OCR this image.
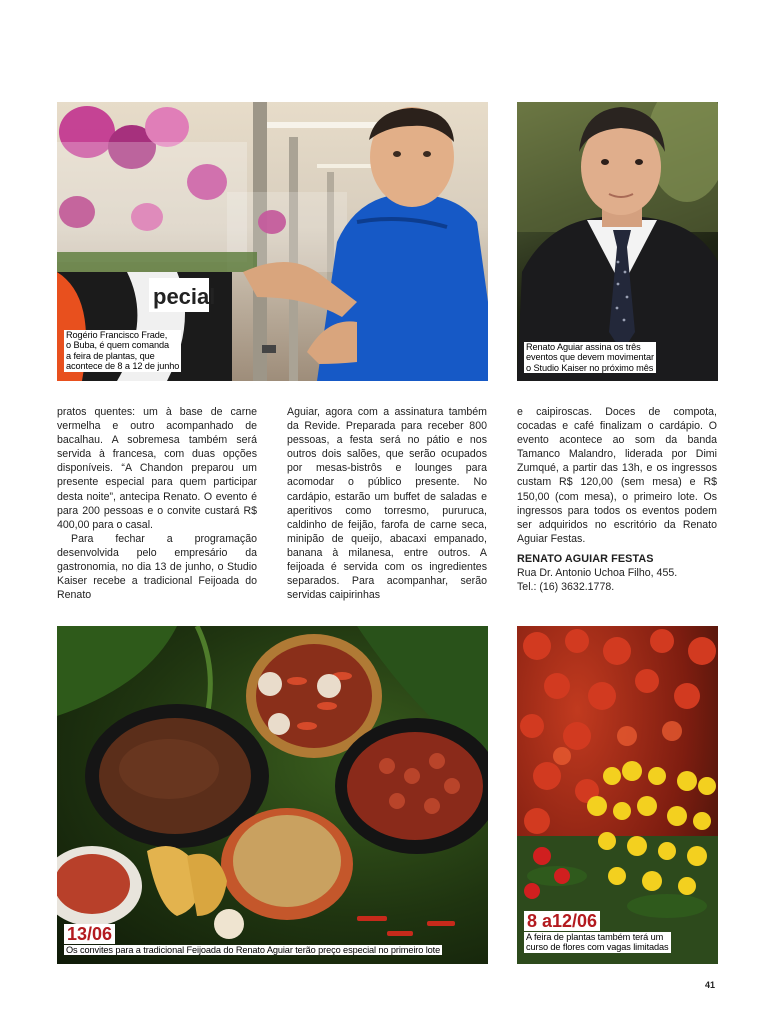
pecial
Rogério Francisco Frade,
o Buba, é quem comanda
a feira de plantas, que
acontece de 8 a 12 de junho
Renato Aguiar assina os três
eventos que devem movimentar
o Studio Kaiser no próximo mês

pratos quentes: um à base de carne vermelha e outro acompanhado de bacalhau. A sobremesa também será servida à francesa, com duas opções disponíveis. “A Chandon preparou um presente especial para quem participar desta noite”, antecipa Renato. O evento é para 200 pessoas e o convite custará R$ 400,00 para o casal.

Para fechar a programação desenvolvida pelo empresário da gastronomia, no dia 13 de junho, o Studio Kaiser recebe a tradicional Feijoada do Renato

Aguiar, agora com a assinatura também da Revide. Preparada para receber 800 pessoas, a festa será no pátio e nos outros dois salões, que serão ocupados por mesas-bistrôs e lounges para acomodar o público presente. No cardápio, estarão um buffet de saladas e aperitivos como torresmo, pururuca, caldinho de feijão, farofa de carne seca, minipão de queijo, abacaxi empanado, banana à milanesa, entre outros. A feijoada é servida com os ingredientes separados. Para acompanhar, serão servidas caipirinhas

e caipiroscas. Doces de compota, cocadas e café finalizam o cardápio. O evento acontece ao som da banda Tamanco Malandro, liderada por Dimi Zumqué, a partir das 13h, e os ingressos custam R$ 120,00 (sem mesa) e R$ 150,00 (com mesa), o primeiro lote. Os ingressos para todos os eventos podem ser adquiridos no escritório da Renato Aguiar Festas.

RENATO AGUIAR FESTAS

Rua Dr. Antonio Uchoa Filho, 455.

Tel.: (16) 3632.1778.

13/06
Os convites para a tradicional Feijoada do Renato Aguiar terão preço especial no primeiro lote
8 a12/06
A feira de plantas também terá um
curso de flores com vagas limitadas
41
